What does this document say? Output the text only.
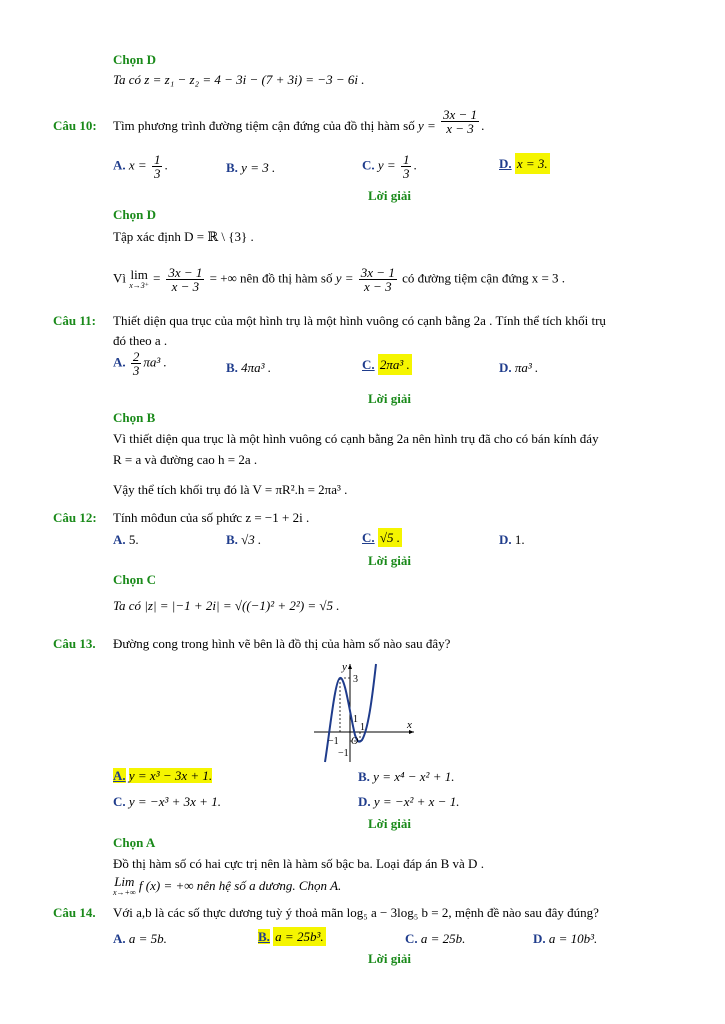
Chọn D
Ta có z = z₁ − z₂ = 4 − 3i − (7 + 3i) = −3 − 6i .
Câu 10: Tìm phương trình đường tiệm cận đứng của đồ thị hàm số $y = \frac{3x - 1}{x - 3}$ .
A. $x = \frac{1}{3}$ .	B. y = 3 .	C. $y = \frac{1}{3}$ .	D. x = 3.
Lời giải
Chọn D
Tập xác định D = ℝ \ {3} .
Vì lim
$x\to 3^+ = \frac{3x - 1}{x - 3}$ = +∞ nên đồ thị hàm số $y = \frac{3x - 1}{x - 3}$ có đường tiệm cận đứng x = 3 .
Câu 11: Thiết diện qua trục của một hình trụ là một hình vuông có cạnh bằng 2a . Tính thể tích khối trụ
đó theo a .
A. $\frac{2}{3} \pi a^3$ .	B. 4πa³ .	C. 2πa³ .	D. πa³ .
Lời giải
Chọn B
Vì thiết diện qua trục là một hình vuông có cạnh bằng 2a nên hình trụ đã cho có bán kính đáy
R = a và đường cao h = 2a .
Vậy thể tích khối trụ đó là V = πR².h = 2πa³ .
Câu 12: Tính môđun của số phức z = −1 + 2i .
A. 5.	B. √3 .	C. √5 .	D. 1.
Lời giải
Chọn C
Ta có |z| = |−1 + 2i| = √((−1)² + 2²) = √5 .
Câu 13. Đường cong trong hình vẽ bên là đồ thị của hàm số nào sau đây?
y
x
3
1
−1 O
1
−1
A. y = x³ − 3x + 1.	B. y = x⁴ − x² + 1.
C. y = −x³ + 3x + 1.	D. y = −x² + x − 1.
Lời giải
Chọn A
Đồ thị hàm số có hai cực trị nên là hàm số bậc ba. Loại đáp án B và D .
Lim
x→+∞ f (x) = +∞ nên hệ số a dương. Chọn A.
Câu 14. Với a,b là các số thực dương tuỳ ý thoả mãn log₅ a − 3log₅ b = 2, mệnh đề nào sau đây đúng?
A. a = 5b.	B. a = 25b³.	C. a = 25b.	D. a = 10b³.
Lời giải
